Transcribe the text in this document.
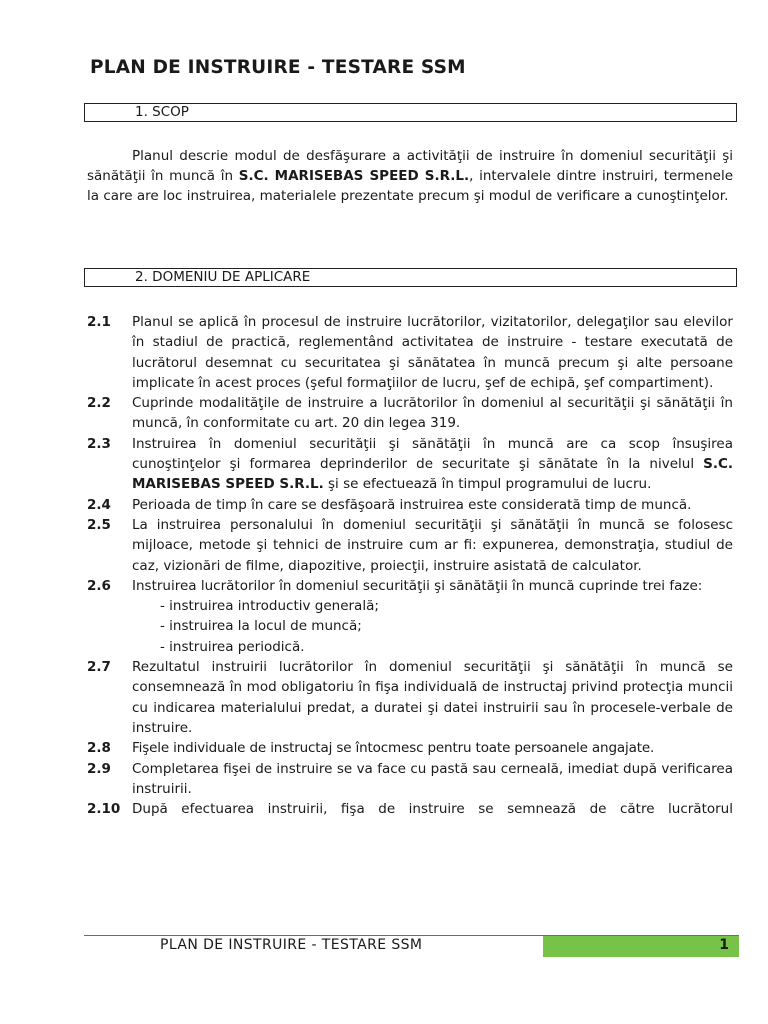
PLAN DE INSTRUIRE - TESTARE SSM
1. SCOP

Planul descrie modul de desfăşurare a activităţii de instruire în domeniul securităţii şi sănătăţii în muncă în S.C. MARISEBAS SPEED S.R.L., intervalele dintre instruiri, termenele la care are loc instruirea, materialele prezentate precum şi modul de verificare a cunoştinţelor.

2. DOMENIU DE APLICARE
2.1	Planul se aplică în procesul de instruire lucrătorilor, vizitatorilor, delegaţilor sau elevilor în stadiul de practică, reglementând activitatea de instruire - testare executată de lucrătorul desemnat cu securitatea şi sănătatea în muncă precum şi alte persoane implicate în acest proces (şeful formaţiilor de lucru, şef de echipă, şef compartiment).
2.2	Cuprinde modalităţile de instruire a lucrătorilor în domeniul al securităţii şi sănătăţii în muncă, în conformitate cu art. 20 din legea 319.
2.3	Instruirea în domeniul securităţii şi sănătăţii în muncă are ca scop însuşirea cunoştinţelor şi formarea deprinderilor de securitate şi sănătate în la nivelul S.C. MARISEBAS SPEED S.R.L. şi se efectuează în timpul programului de lucru.
2.4	Perioada de timp în care se desfăşoară instruirea este considerată timp de muncă.
2.5	La instruirea personalului în domeniul securităţii şi sănătăţii în muncă se folosesc mijloace, metode şi tehnici de instruire cum ar fi: expunerea, demonstraţia, studiul de caz, vizionări de filme, diapozitive, proiecţii, instruire asistată de calculator.
2.6	Instruirea lucrătorilor în domeniul securităţii şi sănătăţii în muncă cuprinde trei faze:
- instruirea introductiv generală;
- instruirea la locul de muncă;
- instruirea periodică.
2.7	Rezultatul instruirii lucrătorilor în domeniul securităţii şi sănătăţii în muncă se consemnează în mod obligatoriu în fişa individuală de instructaj privind protecţia muncii cu indicarea materialului predat, a duratei şi datei instruirii sau în procesele-verbale de instruire.
2.8	Fişele individuale de instructaj se întocmesc pentru toate persoanele angajate.
2.9	Completarea fişei de instruire se va face cu pastă sau cerneală, imediat după verificarea instruirii.
2.10 După efectuarea instruirii, fişa de instruire se semnează de către lucrătorul
PLAN DE INSTRUIRE - TESTARE SSM	1
